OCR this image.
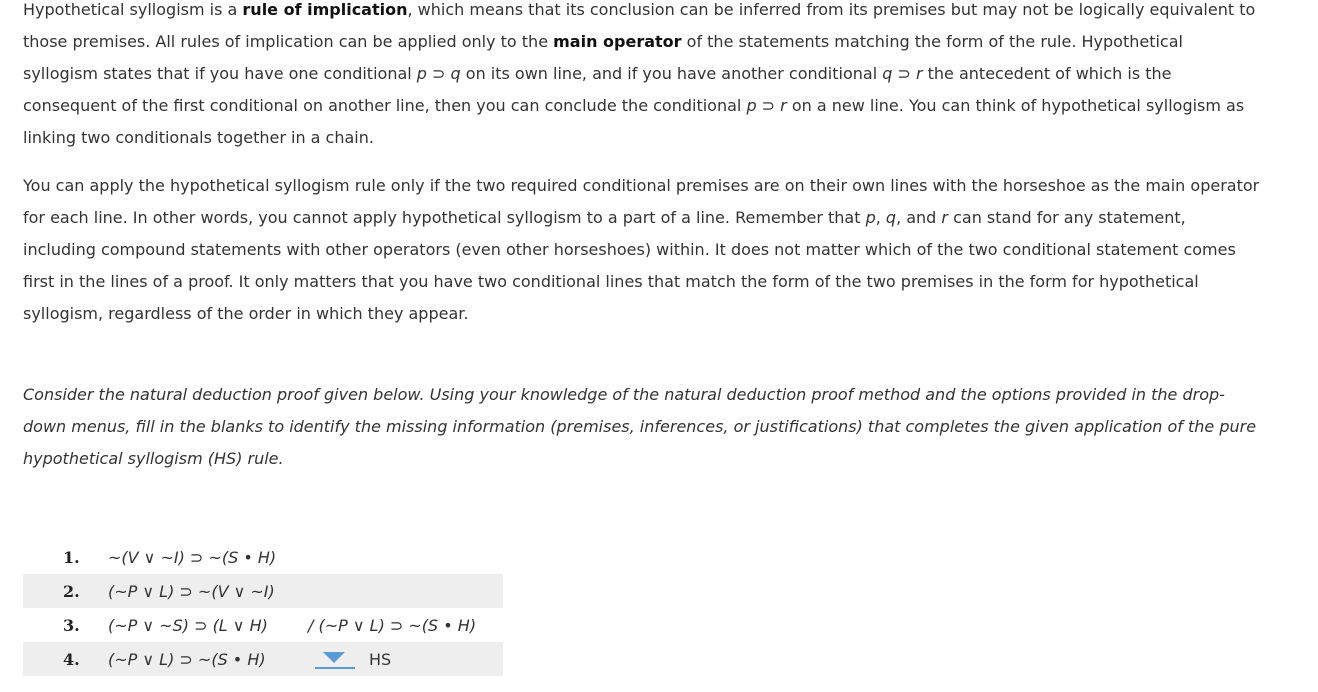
Hypothetical syllogism is a rule of implication, which means that its conclusion can be inferred from its premises but may not be logically equivalent to those premises. All rules of implication can be applied only to the main operator of the statements matching the form of the rule. Hypothetical syllogism states that if you have one conditional p ⊃ q on its own line, and if you have another conditional q ⊃ r the antecedent of which is the consequent of the first conditional on another line, then you can conclude the conditional p ⊃ r on a new line. You can think of hypothetical syllogism as linking two conditionals together in a chain.

You can apply the hypothetical syllogism rule only if the two required conditional premises are on their own lines with the horseshoe as the main operator for each line. In other words, you cannot apply hypothetical syllogism to a part of a line. Remember that p, q, and r can stand for any statement, including compound statements with other operators (even other horseshoes) within. It does not matter which of the two conditional statement comes first in the lines of a proof. It only matters that you have two conditional lines that match the form of the two premises in the form for hypothetical syllogism, regardless of the order in which they appear.

Consider the natural deduction proof given below. Using your knowledge of the natural deduction proof method and the options provided in the drop-down menus, fill in the blanks to identify the missing information (premises, inferences, or justifications) that completes the given application of the pure hypothetical syllogism (HS) rule.

1.	~(V ∨ ~I) ⊃ ~(S • H)	
2.	(~P ∨ L) ⊃ ~(V ∨ ~I)	
3.	(~P ∨ ~S) ⊃ (L ∨ H)	/ (~P ∨ L) ⊃ ~(S • H)
4.	(~P ∨ L) ⊃ ~(S • H)	HS
